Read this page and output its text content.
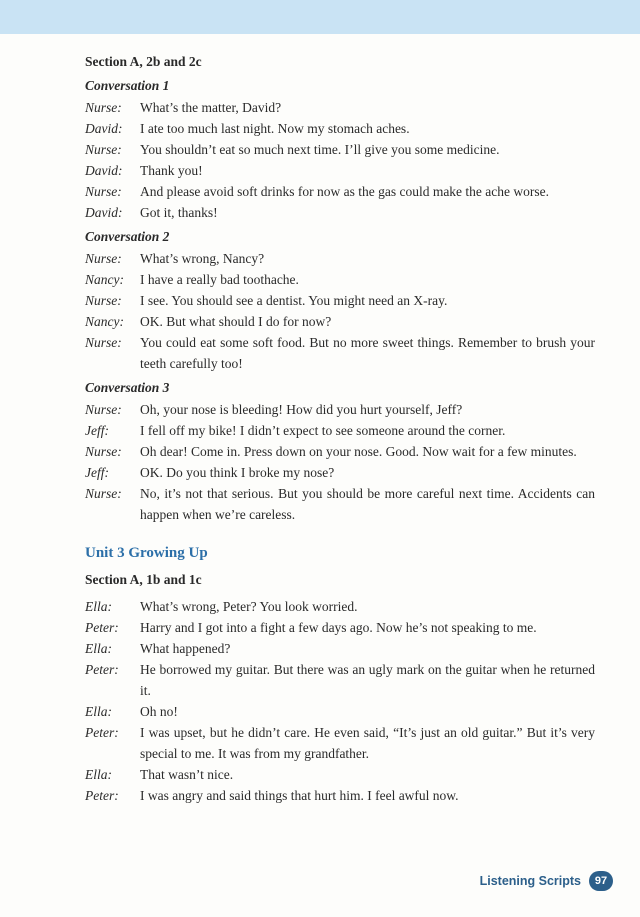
Section A, 2b and 2c
Conversation 1
Nurse:	What’s the matter, David?
David:	I ate too much last night. Now my stomach aches.
Nurse:	You shouldn’t eat so much next time. I’ll give you some medicine.
David:	Thank you!
Nurse:	And please avoid soft drinks for now as the gas could make the ache worse.
David:	Got it, thanks!
Conversation 2
Nurse:	What’s wrong, Nancy?
Nancy:	I have a really bad toothache.
Nurse:	I see. You should see a dentist. You might need an X-ray.
Nancy:	OK. But what should I do for now?
Nurse:	You could eat some soft food. But no more sweet things. Remember to brush your teeth carefully too!
Conversation 3
Nurse:	Oh, your nose is bleeding! How did you hurt yourself, Jeff?
Jeff:	I fell off my bike! I didn’t expect to see someone around the corner.
Nurse:	Oh dear! Come in. Press down on your nose. Good. Now wait for a few minutes.
Jeff:	OK. Do you think I broke my nose?
Nurse:	No, it’s not that serious. But you should be more careful next time. Accidents can happen when we’re careless.
Unit 3 Growing Up
Section A, 1b and 1c
Ella:	What’s wrong, Peter? You look worried.
Peter:	Harry and I got into a fight a few days ago. Now he’s not speaking to me.
Ella:	What happened?
Peter:	He borrowed my guitar. But there was an ugly mark on the guitar when he returned it.
Ella:	Oh no!
Peter:	I was upset, but he didn’t care. He even said, “It’s just an old guitar.” But it’s very special to me. It was from my grandfather.
Ella:	That wasn’t nice.
Peter:	I was angry and said things that hurt him. I feel awful now.
Listening Scripts	97
